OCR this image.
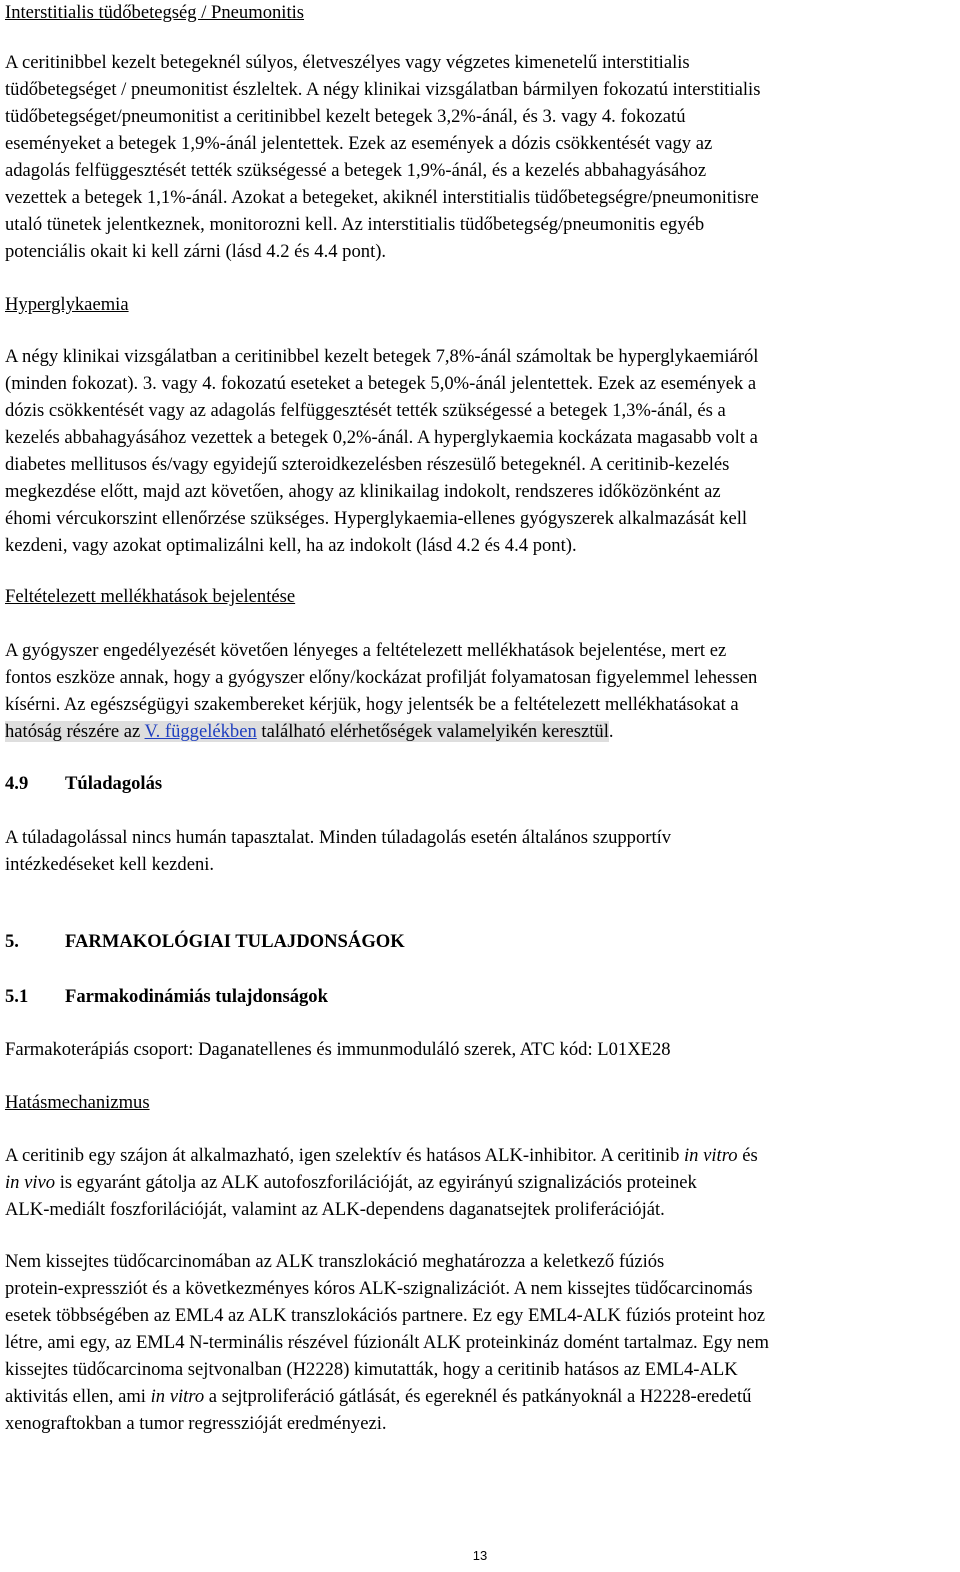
Interstitialis tüdőbetegség / Pneumonitis

A ceritinibbel kezelt betegeknél súlyos, életveszélyes vagy végzetes kimenetelű interstitialis
tüdőbetegséget / pneumonitist észleltek. A négy klinikai vizsgálatban bármilyen fokozatú interstitialis
tüdőbetegséget/pneumonitist a ceritinibbel kezelt betegek 3,2%-ánál, és 3. vagy 4. fokozatú
eseményeket a betegek 1,9%-ánál jelentettek. Ezek az események a dózis csökkentését vagy az
adagolás felfüggesztését tették szükségessé a betegek 1,9%-ánál, és a kezelés abbahagyásához
vezettek a betegek 1,1%-ánál. Azokat a betegeket, akiknél interstitialis tüdőbetegségre/pneumonitisre
utaló tünetek jelentkeznek, monitorozni kell. Az interstitialis tüdőbetegség/pneumonitis egyéb
potenciális okait ki kell zárni (lásd 4.2 és 4.4 pont).

Hyperglykaemia

A négy klinikai vizsgálatban a ceritinibbel kezelt betegek 7,8%-ánál számoltak be hyperglykaemiáról
(minden fokozat). 3. vagy 4. fokozatú eseteket a betegek 5,0%-ánál jelentettek. Ezek az események a
dózis csökkentését vagy az adagolás felfüggesztését tették szükségessé a betegek 1,3%-ánál, és a
kezelés abbahagyásához vezettek a betegek 0,2%-ánál. A hyperglykaemia kockázata magasabb volt a
diabetes mellitusos és/vagy egyidejű szteroidkezelésben részesülő betegeknél. A ceritinib-kezelés
megkezdése előtt, majd azt követően, ahogy az klinikailag indokolt, rendszeres időközönként az
éhomi vércukorszint ellenőrzése szükséges. Hyperglykaemia-ellenes gyógyszerek alkalmazását kell
kezdeni, vagy azokat optimalizálni kell, ha az indokolt (lásd 4.2 és 4.4 pont).

Feltételezett mellékhatások bejelentése

A gyógyszer engedélyezését követően lényeges a feltételezett mellékhatások bejelentése, mert ez
fontos eszköze annak, hogy a gyógyszer előny/kockázat profilját folyamatosan figyelemmel lehessen
kísérni. Az egészségügyi szakembereket kérjük, hogy jelentsék be a feltételezett mellékhatásokat a
hatóság részére az V. függelékben található elérhetőségek valamelyikén keresztül.

4.9 Túladagolás

A túladagolással nincs humán tapasztalat. Minden túladagolás esetén általános szupportív
intézkedéseket kell kezdeni.

5. FARMAKOLÓGIAI TULAJDONSÁGOK

5.1 Farmakodinámiás tulajdonságok

Farmakoterápiás csoport: Daganatellenes és immunmoduláló szerek, ATC kód: L01XE28

Hatásmechanizmus

A ceritinib egy szájon át alkalmazható, igen szelektív és hatásos ALK-inhibitor. A ceritinib in vitro és
in vivo is egyaránt gátolja az ALK autofoszforilációját, az egyirányú szignalizációs proteinek
ALK-mediált foszforilációját, valamint az ALK-dependens daganatsejtek proliferációját.
Nem kissejtes tüdőcarcinomában az ALK transzlokáció meghatározza a keletkező fúziós
protein-expressziót és a következményes kóros ALK-szignalizációt. A nem kissejtes tüdőcarcinomás
esetek többségében az EML4 az ALK transzlokációs partnere. Ez egy EML4-ALK fúziós proteint hoz
létre, ami egy, az EML4 N-terminális részével fúzionált ALK proteinkináz domént tartalmaz. Egy nem
kissejtes tüdőcarcinoma sejtvonalban (H2228) kimutatták, hogy a ceritinib hatásos az EML4-ALK
aktivitás ellen, ami in vitro a sejtproliferáció gátlását, és egereknél és patkányoknál a H2228-eredetű
xenograftokban a tumor regresszióját eredményezi.
13
